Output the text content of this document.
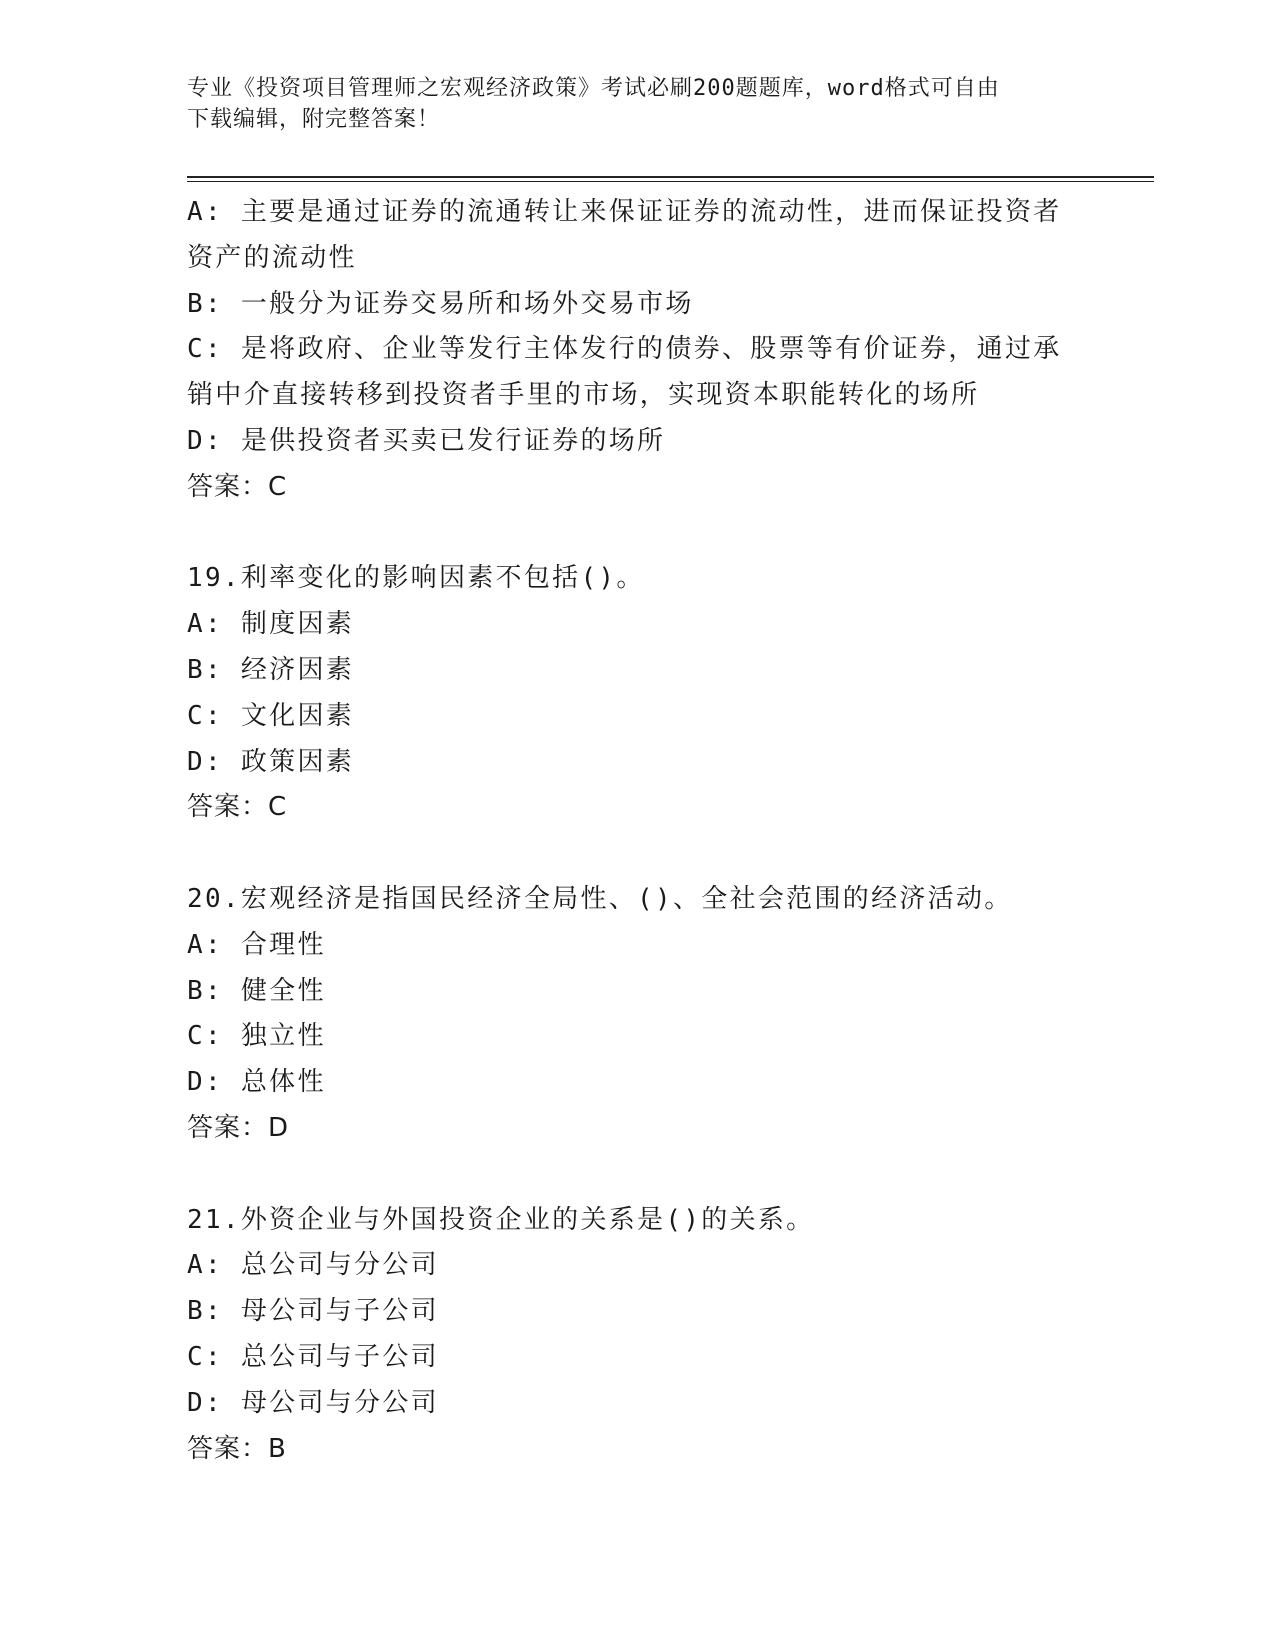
专业《投资项目管理师之宏观经济政策》考试必刷200题题库，word格式可自由
下载编辑，附完整答案！

A: 主要是通过证券的流通转让来保证证券的流动性，进而保证投资者

资产的流动性

B: 一般分为证券交易所和场外交易市场

C: 是将政府、企业等发行主体发行的债券、股票等有价证券，通过承

销中介直接转移到投资者手里的市场，实现资本职能转化的场所

D: 是供投资者买卖已发行证券的场所

答案：C

19.利率变化的影响因素不包括()。

A: 制度因素

B: 经济因素

C: 文化因素

D: 政策因素

答案：C

20.宏观经济是指国民经济全局性、()、全社会范围的经济活动。

A: 合理性

B: 健全性

C: 独立性

D: 总体性

答案：D

21.外资企业与外国投资企业的关系是()的关系。

A: 总公司与分公司

B: 母公司与子公司

C: 总公司与子公司

D: 母公司与分公司

答案：B
